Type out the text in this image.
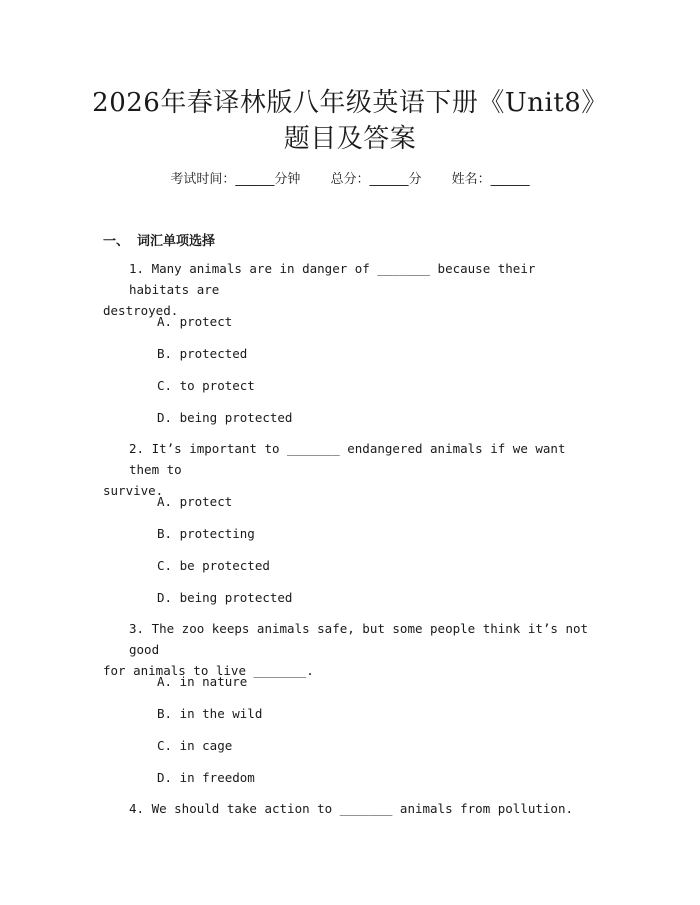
2026年春译林版八年级英语下册《Unit8》
题目及答案
考试时间：______分钟 总分：______分 姓名：______
一、 词汇单项选择
1. Many animals are in danger of _______ because their habitats are
destroyed.
A. protect
B. protected
C. to protect
D. being protected
2. It’s important to _______ endangered animals if we want them to
survive.
A. protect
B. protecting
C. be protected
D. being protected
3. The zoo keeps animals safe, but some people think it’s not good
for animals to live _______.
A. in nature
B. in the wild
C. in cage
D. in freedom
4. We should take action to _______ animals from pollution.
